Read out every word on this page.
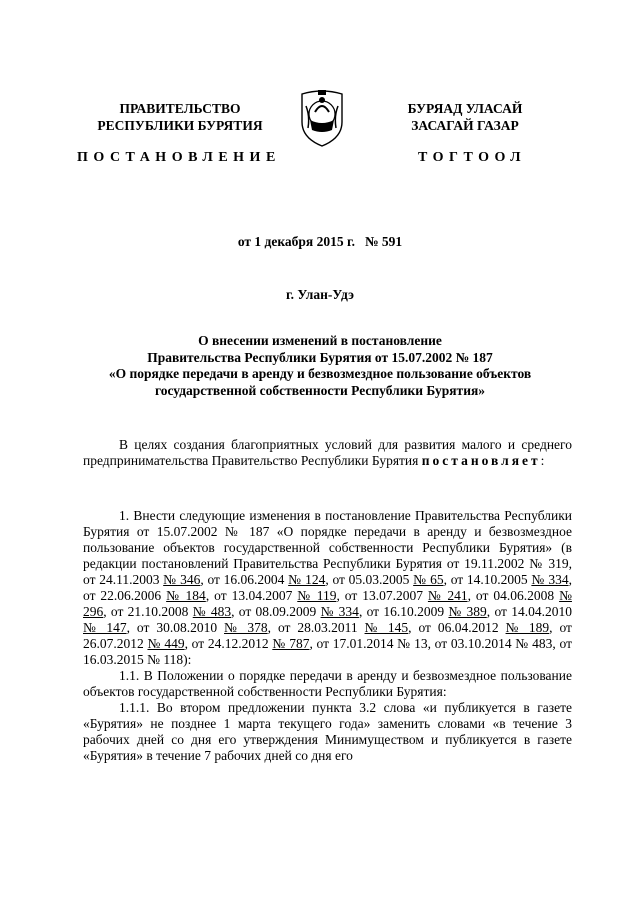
ПРАВИТЕЛЬСТВО
РЕСПУБЛИКИ БУРЯТИЯ
БУРЯАД УЛАСАЙ
ЗАСАГАЙ ГАЗАР
ПОСТАНОВЛЕНИЕ	ТОГТООЛ
от 1 декабря 2015 г. № 591
г. Улан-Удэ
О внесении изменений в постановление
Правительства Республики Бурятия от 15.07.2002 № 187
«О порядке передачи в аренду и безвозмездное пользование объектов
государственной собственности Республики Бурятия»

В целях создания благоприятных условий для развития малого и среднего предпринимательства Правительство Республики Бурятия постановляет:

1. Внести следующие изменения в постановление Правительства Республики Бурятия от 15.07.2002 № 187 «О порядке передачи в аренду и безвозмездное пользование объектов государственной собственности Республики Бурятия» (в редакции постановлений Правительства Республики Бурятия от 19.11.2002 № 319, от 24.11.2003 № 346, от 16.06.2004 № 124, от 05.03.2005 № 65, от 14.10.2005 № 334, от 22.06.2006 № 184, от 13.04.2007 № 119, от 13.07.2007 № 241, от 04.06.2008 № 296, от 21.10.2008 № 483, от 08.09.2009 № 334, от 16.10.2009 № 389, от 14.04.2010 № 147, от 30.08.2010 № 378, от 28.03.2011 № 145, от 06.04.2012 № 189, от 26.07.2012 № 449, от 24.12.2012 № 787, от 17.01.2014 № 13, от 03.10.2014 № 483, от 16.03.2015 № 118):

1.1. В Положении о порядке передачи в аренду и безвозмездное пользование объектов государственной собственности Республики Бурятия:

1.1.1. Во втором предложении пункта 3.2 слова «и публикуется в газете «Бурятия» не позднее 1 марта текущего года» заменить словами «в течение 3 рабочих дней со дня его утверждения Минимуществом и публикуется в газете «Бурятия» в течение 7 рабочих дней со дня его
